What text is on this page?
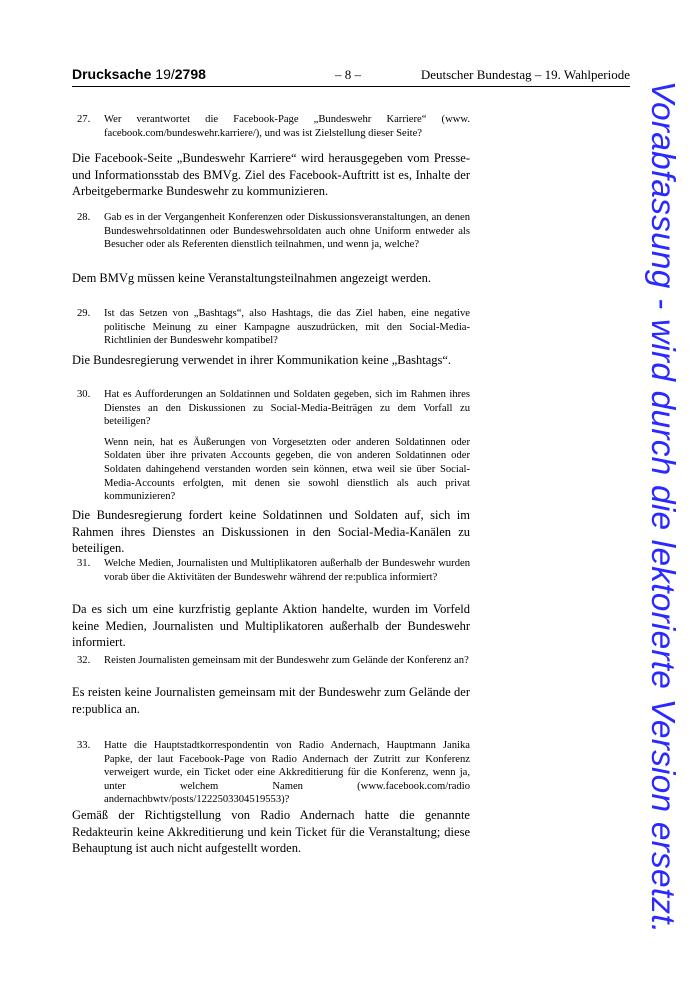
Drucksache 19/2798	– 8 –	Deutscher Bundestag – 19. Wahlperiode
27. Wer verantwortet die Facebook-Page „Bundeswehr Karriere“ (www. facebook.com/bundeswehr.karriere/), und was ist Zielstellung dieser Seite?

Die Facebook-Seite „Bundeswehr Karriere“ wird herausgegeben vom Presse- und Informationsstab des BMVg. Ziel des Facebook-Auftritt ist es, Inhalte der Arbeitgebermarke Bundeswehr zu kommunizieren.
28. Gab es in der Vergangenheit Konferenzen oder Diskussionsveranstaltungen, an denen Bundeswehrsoldatinnen oder Bundeswehrsoldaten auch ohne Uniform entweder als Besucher oder als Referenten dienstlich teilnahmen, und wenn ja, welche?

Dem BMVg müssen keine Veranstaltungsteilnahmen angezeigt werden.
29. Ist das Setzen von „Bashtags“, also Hashtags, die das Ziel haben, eine negative politische Meinung zu einer Kampagne auszudrücken, mit den Social-Media-Richtlinien der Bundeswehr kompatibel?

Die Bundesregierung verwendet in ihrer Kommunikation keine „Bashtags“.
30. Hat es Aufforderungen an Soldatinnen und Soldaten gegeben, sich im Rahmen ihres Dienstes an den Diskussionen zu Social-Media-Beiträgen zu dem Vorfall zu beteiligen?

Wenn nein, hat es Äußerungen von Vorgesetzten oder anderen Soldatinnen oder Soldaten über ihre privaten Accounts gegeben, die von anderen Soldatinnen oder Soldaten dahingehend verstanden worden sein können, etwa weil sie über Social-Media-Accounts erfolgten, mit denen sie sowohl dienstlich als auch privat kommunizieren?

Die Bundesregierung fordert keine Soldatinnen und Soldaten auf, sich im Rahmen ihres Dienstes an Diskussionen in den Social-Media-Kanälen zu beteiligen.
31. Welche Medien, Journalisten und Multiplikatoren außerhalb der Bundeswehr wurden vorab über die Aktivitäten der Bundeswehr während der re:publica informiert?

Da es sich um eine kurzfristig geplante Aktion handelte, wurden im Vorfeld keine Medien, Journalisten und Multiplikatoren außerhalb der Bundeswehr informiert.
32. Reisten Journalisten gemeinsam mit der Bundeswehr zum Gelände der Konferenz an?

Es reisten keine Journalisten gemeinsam mit der Bundeswehr zum Gelände der re:publica an.
33. Hatte die Hauptstadtkorrespondentin von Radio Andernach, Hauptmann Janika Papke, der laut Facebook-Page von Radio Andernach der Zutritt zur Konferenz verweigert wurde, ein Ticket oder eine Akkreditierung für die Konferenz, wenn ja, unter welchem Namen (www.facebook.com/radio andernachbwtv/posts/1222503304519553)?

Gemäß der Richtigstellung von Radio Andernach hatte die genannte Redakteurin keine Akkreditierung und kein Ticket für die Veranstaltung; diese Behauptung ist auch nicht aufgestellt worden.	Vorabfassung - wird durch die lektorierte Version ersetzt.
